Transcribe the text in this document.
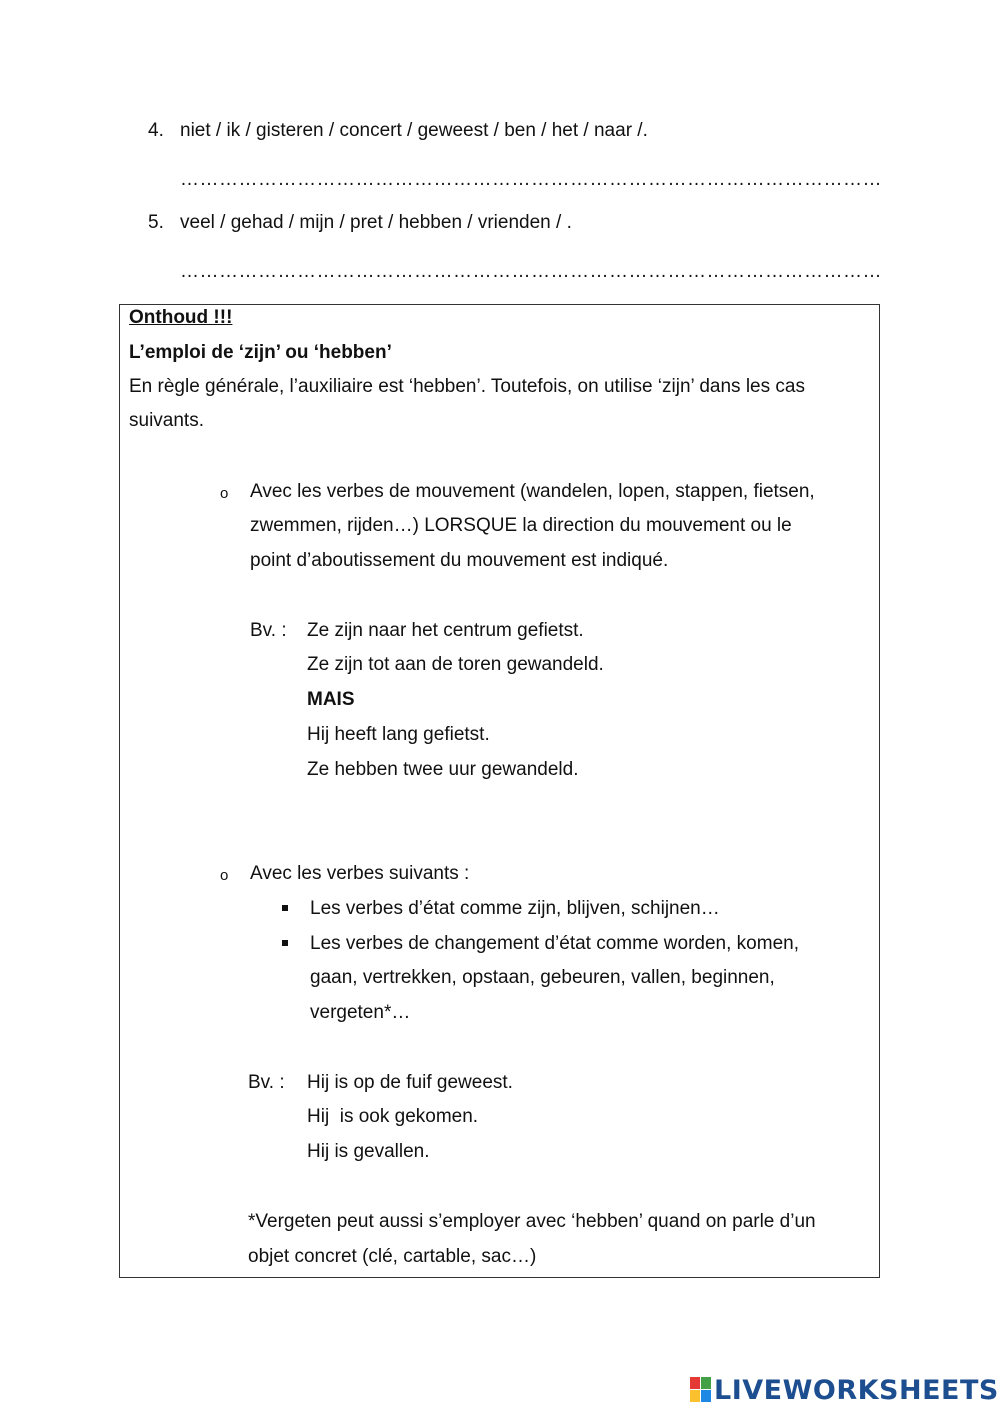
4. niet / ik / gisteren / concert / geweest / ben / het / naar /.
………………………………………………………………………………………………
5. veel / gehad / mijn / pret / hebben / vrienden / .
………………………………………………………………………………………………
Onthoud !!!
L’emploi de ‘zijn’ ou ‘hebben’
En règle générale, l’auxiliaire est ‘hebben’. Toutefois, on utilise ‘zijn’ dans les cas
suivants.
o Avec les verbes de mouvement (wandelen, lopen, stappen, fietsen,
zwemmen, rijden…) LORSQUE la direction du mouvement ou le
point d’aboutissement du mouvement est indiqué.
Bv. : Ze zijn naar het centrum gefietst.
Ze zijn tot aan de toren gewandeld.
MAIS
Hij heeft lang gefietst.
Ze hebben twee uur gewandeld.
o Avec les verbes suivants :
Les verbes d’état comme zijn, blijven, schijnen…
Les verbes de changement d’état comme worden, komen,
gaan, vertrekken, opstaan, gebeuren, vallen, beginnen,
vergeten*…
Bv. : Hij is op de fuif geweest.
Hij  is ook gekomen.
Hij is gevallen.
*Vergeten peut aussi s’employer avec ‘hebben’ quand on parle d’un
objet concret (clé, cartable, sac…)
LIVEWORKSHEETS
